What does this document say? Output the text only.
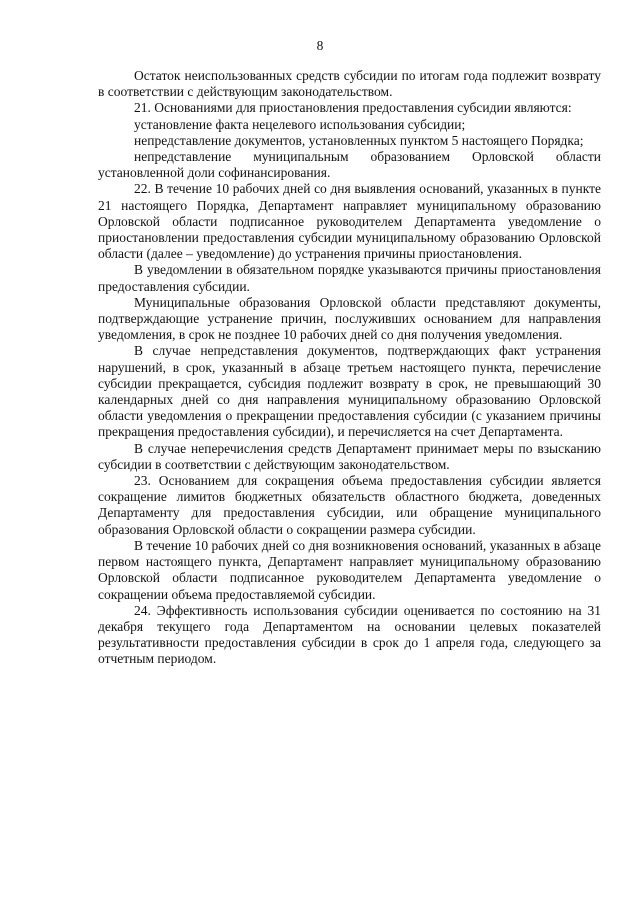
8

Остаток неиспользованных средств субсидии по итогам года подлежит возврату в соответствии с действующим законодательством.

21. Основаниями для приостановления предоставления субсидии являются:

установление факта нецелевого использования субсидии;

непредставление документов, установленных пунктом 5 настоящего Порядка;

непредставление муниципальным образованием Орловской области установленной доли софинансирования.

22. В течение 10 рабочих дней со дня выявления оснований, указанных в пункте 21 настоящего Порядка, Департамент направляет муниципальному образованию Орловской области подписанное руководителем Департамента уведомление о приостановлении предоставления субсидии муниципальному образованию Орловской области (далее – уведомление) до устранения причины приостановления.

В уведомлении в обязательном порядке указываются причины приостановления предоставления субсидии.

Муниципальные образования Орловской области представляют документы, подтверждающие устранение причин, послуживших основанием для направления уведомления, в срок не позднее 10 рабочих дней со дня получения уведомления.

В случае непредставления документов, подтверждающих факт устранения нарушений, в срок, указанный в абзаце третьем настоящего пункта, перечисление субсидии прекращается, субсидия подлежит возврату в срок, не превышающий 30 календарных дней со дня направления муниципальному образованию Орловской области уведомления о прекращении предоставления субсидии (с указанием причины прекращения предоставления субсидии), и перечисляется на счет Департамента.

В случае неперечисления средств Департамент принимает меры по взысканию субсидии в соответствии с действующим законодательством.

23. Основанием для сокращения объема предоставления субсидии является сокращение лимитов бюджетных обязательств областного бюджета, доведенных Департаменту для предоставления субсидии, или обращение муниципального образования Орловской области о сокращении размера субсидии.

В течение 10 рабочих дней со дня возникновения оснований, указанных в абзаце первом настоящего пункта, Департамент направляет муниципальному образованию Орловской области подписанное руководителем Департамента уведомление о сокращении объема предоставляемой субсидии.

24. Эффективность использования субсидии оценивается по состоянию на 31 декабря текущего года Департаментом на основании целевых показателей результативности предоставления субсидии в срок до 1 апреля года, следующего за отчетным периодом.
